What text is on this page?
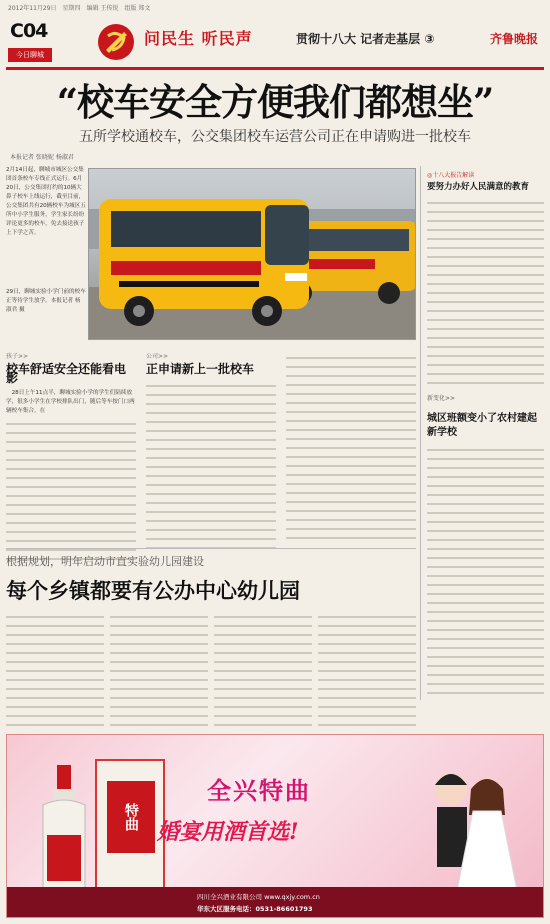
2012年11月29日 星期四 编辑 王传锐 组版 郑文
C04
今日聊城
问民生 听民声	贯彻十八大 记者走基层 ③	齐鲁晚报
“校车安全方便我们都想坐”
五所学校通校车，公交集团校车运营公司正在申请购进一批校车
本报记者 张晓妮 杨淑君
2月14日起，聊城市城区公交集团首条校车专线正式运行。6月20日，公交集团打约的10辆大鼻子校车上线运行，截至目前，公交集团共有20辆校车为城区五所中小学生服务，学生家长纷纷评论更多的校车，免去接送孩子上下学之苦。
29日，聊城实验小学门前的校车正等待学生放学。本报记者 杨淑君 摄
孩子>>
校车舒适安全还能看电影
28日上午11点半，聊城实验小学的学生们陆续放学，很多小学生在学校排队出门，随后等车按门口两辆校车集合。在
公司>>
正申请新上一批校车
根据规划，明年启动市直实验幼儿园建设
每个乡镇都要有公办中心幼儿园
◎十八大报告解读
要努力办好人民满意的教育
新变化>>
城区班额变小了农村建起新学校
特曲
全兴特曲
婚宴用酒首选!
四川全兴酒业有限公司 www.qxjy.com.cn
华东大区服务电话：0531-86601793
